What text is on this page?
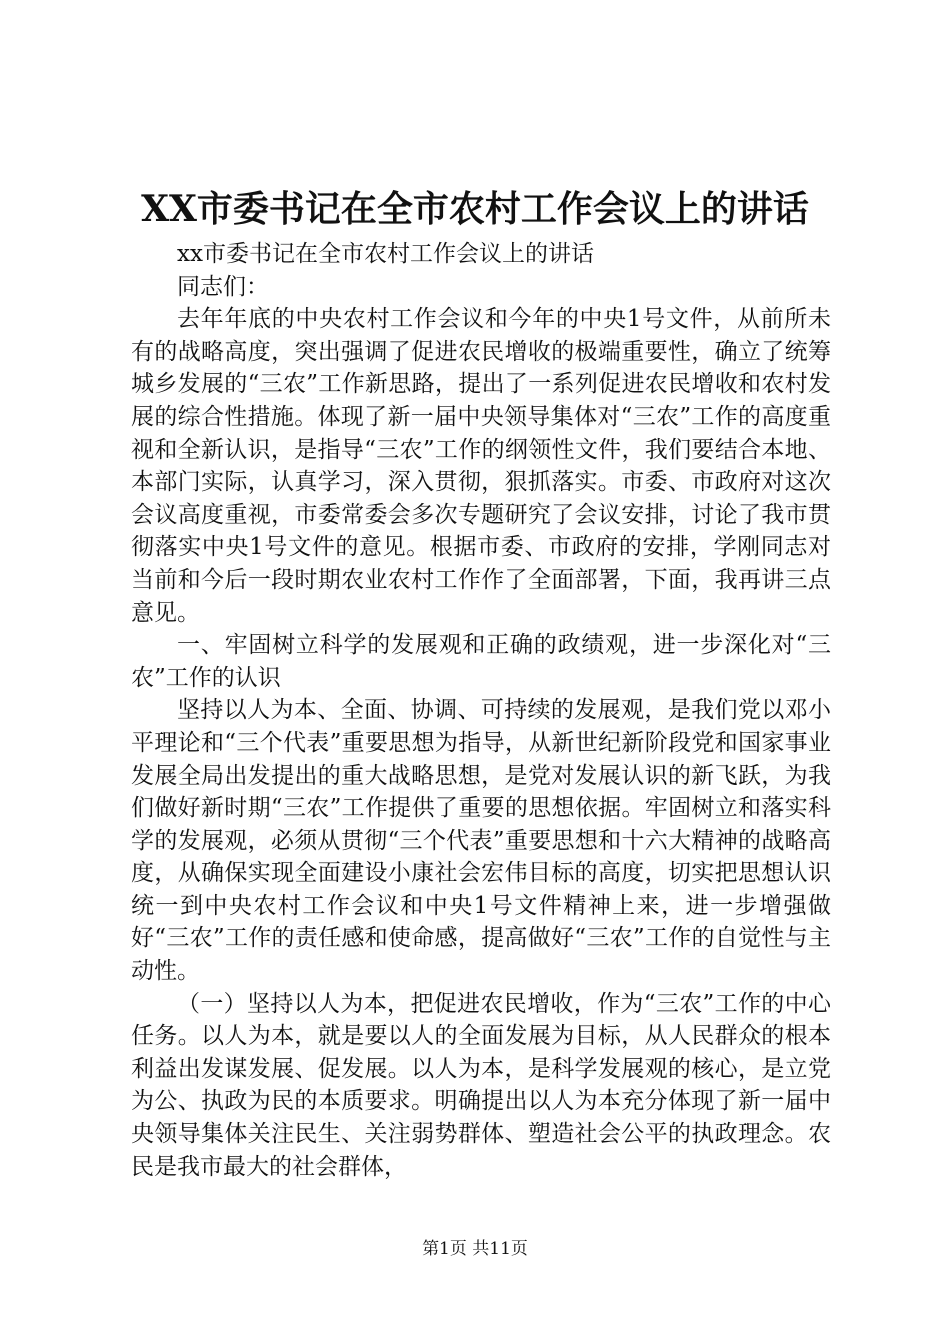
XX市委书记在全市农村工作会议上的讲话

xx市委书记在全市农村工作会议上的讲话

同志们：

去年年底的中央农村工作会议和今年的中央1号文件，从前所未有的战略高度，突出强调了促进农民增收的极端重要性，确立了统筹城乡发展的“三农”工作新思路，提出了一系列促进农民增收和农村发展的综合性措施。体现了新一届中央领导集体对“三农”工作的高度重视和全新认识，是指导“三农”工作的纲领性文件，我们要结合本地、本部门实际，认真学习，深入贯彻，狠抓落实。市委、市政府对这次会议高度重视，市委常委会多次专题研究了会议安排，讨论了我市贯彻落实中央1号文件的意见。根据市委、市政府的安排，学刚同志对当前和今后一段时期农业农村工作作了全面部署，下面，我再讲三点意见。

一、牢固树立科学的发展观和正确的政绩观，进一步深化对“三农”工作的认识

坚持以人为本、全面、协调、可持续的发展观，是我们党以邓小平理论和“三个代表”重要思想为指导，从新世纪新阶段党和国家事业发展全局出发提出的重大战略思想，是党对发展认识的新飞跃，为我们做好新时期“三农”工作提供了重要的思想依据。牢固树立和落实科学的发展观，必须从贯彻“三个代表”重要思想和十六大精神的战略高度，从确保实现全面建设小康社会宏伟目标的高度，切实把思想认识统一到中央农村工作会议和中央1号文件精神上来，进一步增强做好“三农”工作的责任感和使命感，提高做好“三农”工作的自觉性与主动性。

（一）坚持以人为本，把促进农民增收，作为“三农”工作的中心任务。以人为本，就是要以人的全面发展为目标，从人民群众的根本利益出发谋发展、促发展。以人为本，是科学发展观的核心，是立党为公、执政为民的本质要求。明确提出以人为本充分体现了新一届中央领导集体关注民生、关注弱势群体、塑造社会公平的执政理念。农民是我市最大的社会群体，

第1页 共11页
